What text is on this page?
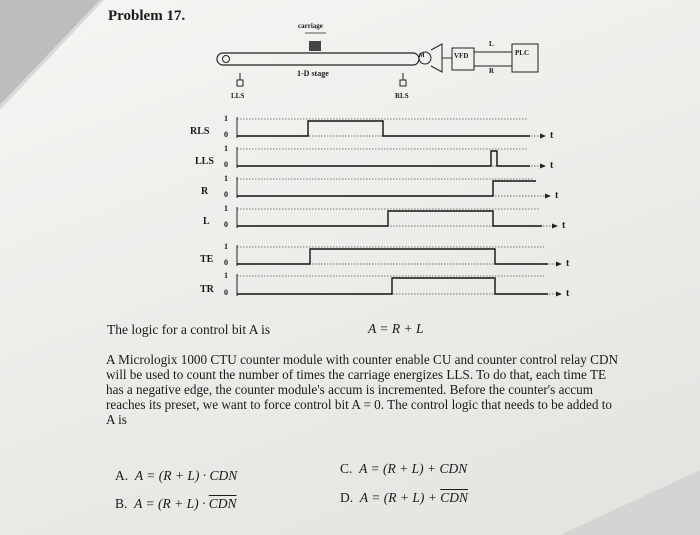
Problem 17.
carriage
1-D stage
M	VFD	PLC
L
R
LLS	RLS
RLS
1
0	t
LLS
1
0	t
R
1
0	t
L
1
0	t
TE
1
0	t
TR
1
0	t
The logic for a control bit A is	A = R + L
A Micrologix 1000 CTU counter module with counter enable CU and counter control relay CDN
will be used to count the number of times the carriage energizes LLS. To do that, each time TE
has a negative edge, the counter module's accum is incremented. Before the counter's accum
reaches its preset, we want to force control bit A = 0. The control logic that needs to be added to
A is
A. A = (R + L) · CDN
B. $A = (R + L) \cdot \overline{CDN}$
C. A = (R + L) + CDN
D. $A = (R + L) + \overline{CDN}$
